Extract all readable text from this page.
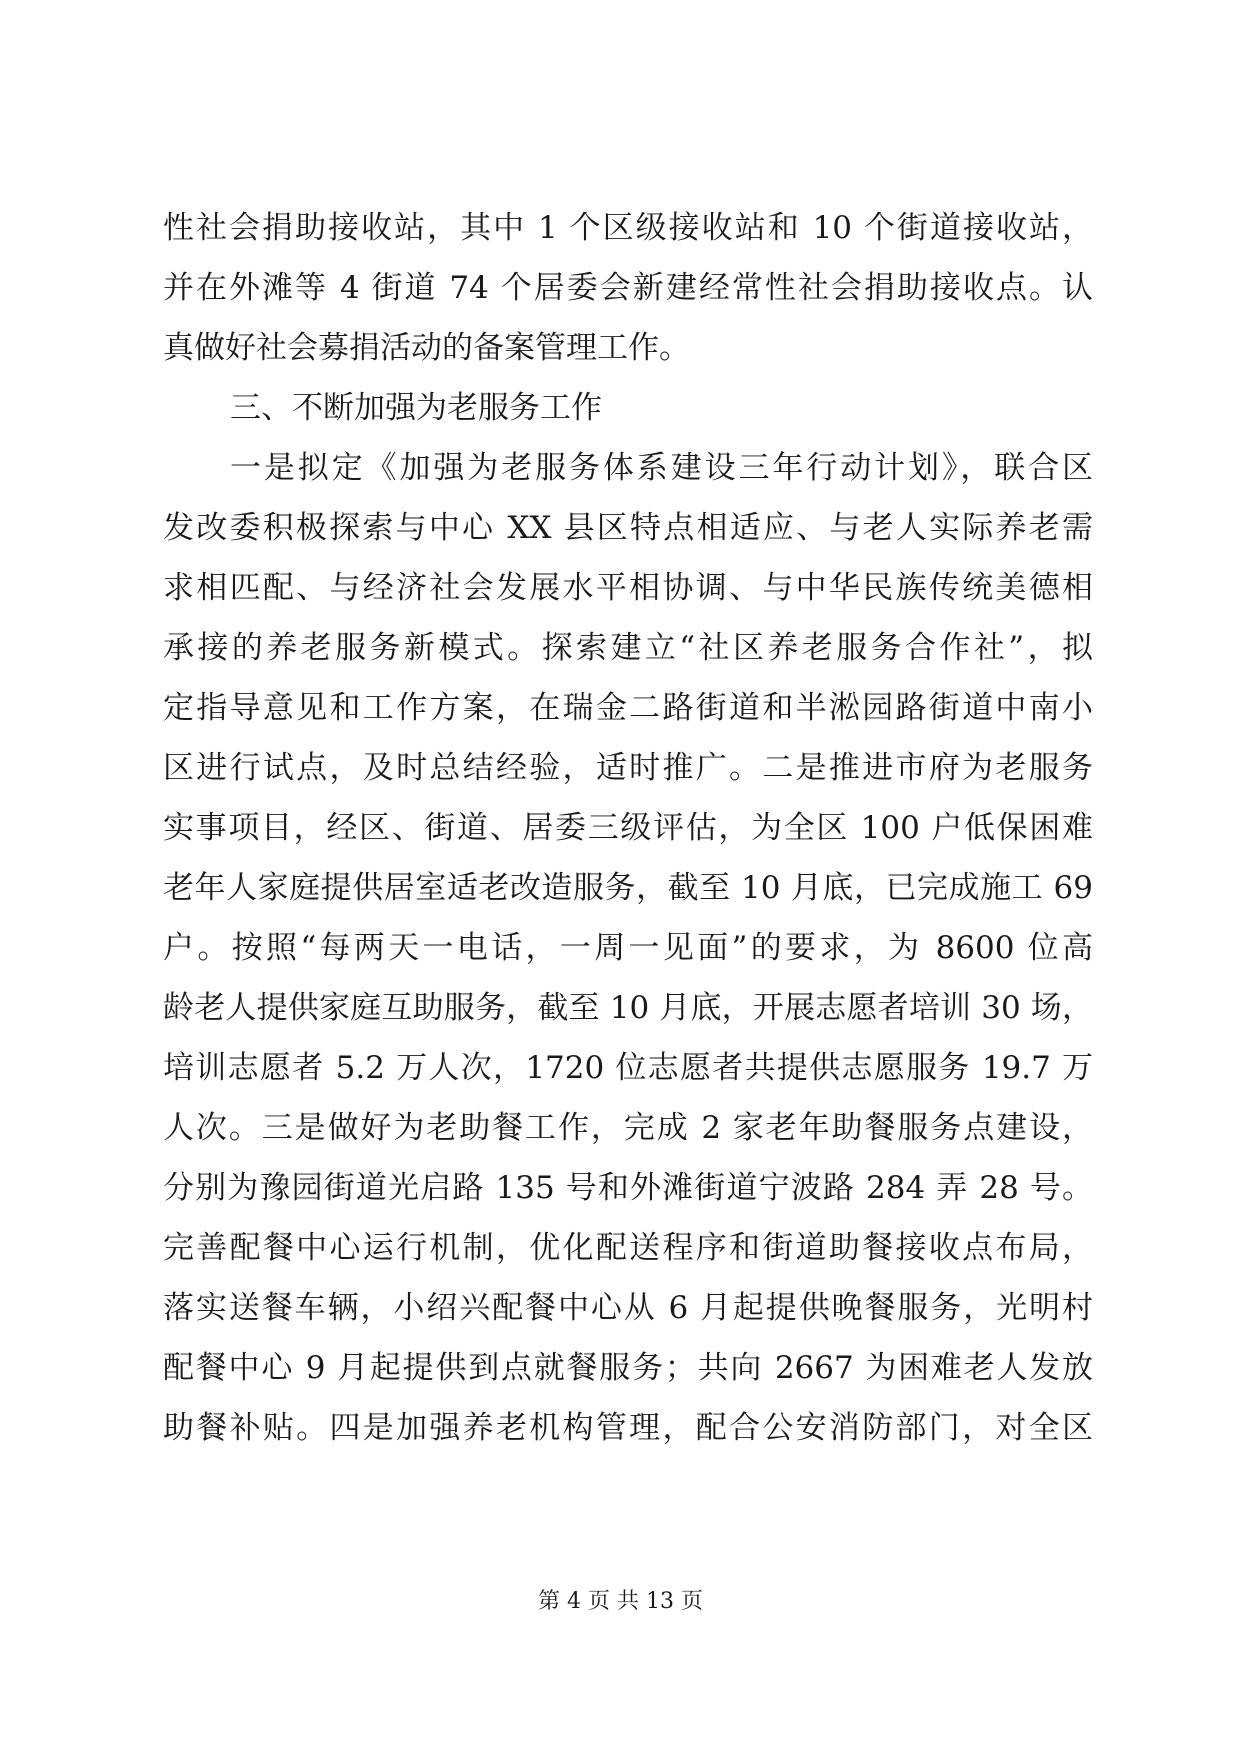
性社会捐助接收站，其中 1 个区级接收站和 10 个街道接收站，
并在外滩等 4 街道 74 个居委会新建经常性社会捐助接收点。认
真做好社会募捐活动的备案管理工作。
三、不断加强为老服务工作
一是拟定《加强为老服务体系建设三年行动计划》，联合区
发改委积极探索与中心 XX 县区特点相适应、与老人实际养老需
求相匹配、与经济社会发展水平相协调、与中华民族传统美德相
承接的养老服务新模式。探索建立“社区养老服务合作社”，拟
定指导意见和工作方案，在瑞金二路街道和半淞园路街道中南小
区进行试点，及时总结经验，适时推广。二是推进市府为老服务
实事项目，经区、街道、居委三级评估，为全区 100 户低保困难
老年人家庭提供居室适老改造服务，截至 10 月底，已完成施工 69
户。按照“每两天一电话，一周一见面”的要求，为 8600 位高
龄老人提供家庭互助服务，截至 10 月底，开展志愿者培训 30 场，
培训志愿者 5.2 万人次，1720 位志愿者共提供志愿服务 19.7 万
人次。三是做好为老助餐工作，完成 2 家老年助餐服务点建设，
分别为豫园街道光启路 135 号和外滩街道宁波路 284 弄 28 号。
完善配餐中心运行机制，优化配送程序和街道助餐接收点布局，
落实送餐车辆，小绍兴配餐中心从 6 月起提供晚餐服务，光明村
配餐中心 9 月起提供到点就餐服务；共向 2667 为困难老人发放
助餐补贴。四是加强养老机构管理，配合公安消防部门，对全区
第 4 页 共 13 页
